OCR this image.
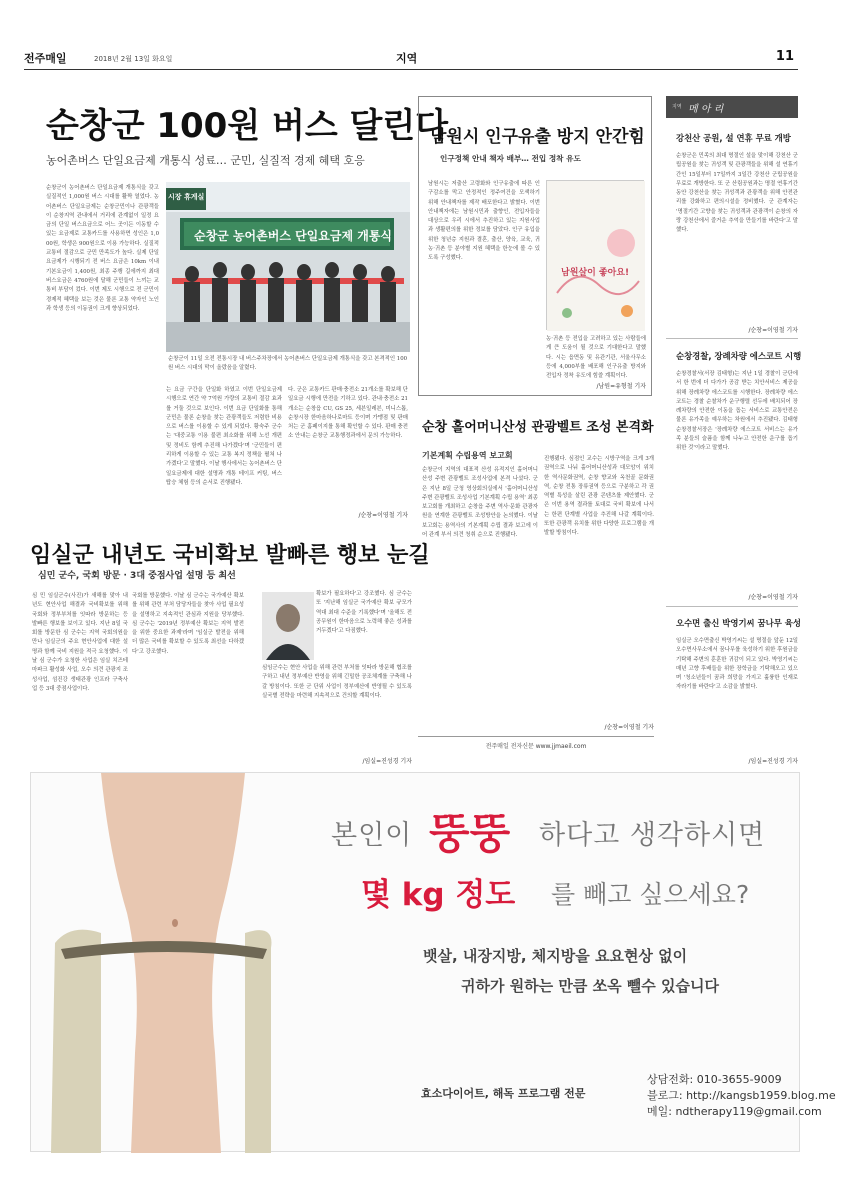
전주매일	2018년 2월 13일 화요일	지역	11
순창군 100원 버스 달린다
농어촌버스 단일요금제 개통식 성료… 군민, 실질적 경제 혜택 호응
시장 휴게실
순창군 농어촌버스 단일요금제 개통식
순창군이 11일 오전 전통시장 내 버스주차장에서 농어촌버스 단일요금제 개통식을 갖고 본격적인 100원 버스 시대의 막이 올랐음을 알렸다.
순창군이 농어촌버스 단일요금제 개통식을 갖고 실질적인 1,000원 버스 시대를 활짝 열었다. 농어촌버스 단일요금제는 순창군민이나 관광객들이 순창지역 관내에서 거리에 관계없이 일정 요금의 단일 버스요금으로 어느 곳이든 이동할 수 있는 요금제로 교통카드를 사용하면 성인은 1,000원, 학생은 900원으로 이용 가능하다. 실질적 교통비 절감으로 군민 만족도가 높다. 실제 단일요금제가 시행되기 전 버스 요금은 10km 이내 기본요금이 1,400원, 최종 주행 길에까지 최대 버스요금은 4760원에 달해 군민들이 느끼는 교통비 부담이 컸다. 이번 제도 시행으로 전 군민이 경제적 혜택을 보는 것은 물론 교통 약자인 노인과 학생 등의 이동권이 크게 향상되었다.
는 요금 구간을 단일화 하였고 이번 단일요금제 시행으로 연간 약 7억원 가량의 교통비 절감 효과를 거둘 것으로 보인다. 이번 요금 단일화를 통해 군민은 물론 순창을 찾는 관광객들도 저렴한 비용으로 버스를 이용할 수 있게 되었다. 황숙주 군수는 '대중교통 이용 불편 최소화를 위해 노선 개편 및 정비도 함께 추진해 나가겠다'며 '군민들이 편리하게 이용할 수 있는 교통 복지 정책을 펼쳐 나가겠다'고 말했다. 이날 행사에서는 농어촌버스 단일요금제에 대한 설명과 개통 테이프 커팅, 버스탑승 체험 등의 순서로 진행됐다.
다. 군은 교통카드 판매·충전소 21개소를 확보해 단일요금 시행에 만전을 기하고 있다. 관내·충전소 21개소는 순창읍 CU, GS 25, 세븐일레븐, 미니스톱, 순창시장 한마음하나로마트 등이며 가맹점 및 판매처는 군 홈페이지를 통해 확인할 수 있다. 판매 충전소 안내는 순창군 교통행정과에서 문의 가능하다.
/순창=이영철 기자
남원시 인구유출 방지 안간힘
인구정책 안내 책자 배부… 전입 정착 유도
남원시는 저출산 고령화와 인구유출에 따른 인구감소를 막고 안정적인 정주여건을 모색하기 위해 안내책자를 제작 배포한다고 밝혔다. 이번 안내책자에는 남원시민과 출향인, 전입자들을 대상으로 우리 시에서 추진하고 있는 지원사업과 생활편의를 위한 정보를 담았다. 인구 유입을 위한 청년층 지원과 결혼, 출산, 양육, 교육, 귀농·귀촌 등 분야별 지원 혜택을 한눈에 볼 수 있도록 구성했다.
남원살이 좋아요!
농·귀촌 등 전입을 고려하고 있는 사람들에게 큰 도움이 될 것으로 기대한다고 말했다. 시는 읍면동 및 유관기관, 서울사무소 등에 4,000부를 배포해 인구유출 방지와 전입자 정착 유도에 힘쓸 계획이다.
/남원=유형철 기자
순창 홀어머니산성 관광벨트 조성 본격화
기본계획 수립용역 보고회
순창군이 지역의 대표적 산성 유적지인 홀어머니산성 주변 관광벨트 조성사업에 본격 나섰다. 군은 지난 8일 군청 영상회의실에서 '홀어머니산성 주변 관광벨트 조성사업 기본계획 수립 용역' 최종 보고회를 개최하고 순창읍 주변 역사·문화 관광자원을 연계한 관광벨트 조성방안을 논의했다. 이날 보고회는 용역사의 기본계획 수립 결과 보고에 이어 관계 부서 의견 청취 순으로 진행됐다.
진행됐다. 심점인 교수는 시방구역을 크게 3개 권역으로 나눠 홀어머니산성과 대모암이 위치한 역사문화권역, 순창 향교와 옥천골 문화권역, 순창 전통 장류권역 등으로 구분하고 각 권역별 특성을 살린 관광 콘텐츠를 제안했다. 군은 이번 용역 결과를 토대로 국비 확보에 나서는 한편 단계별 사업을 추진해 나갈 계획이다. 또한 관광객 유치를 위한 다양한 프로그램을 개발할 방침이다.
/순창=이영철 기자
전주매일 전자신문 www.jjmaeil.com
임실군 내년도 국비확보 발빠른 행보 눈길
심민 군수, 국회 방문 · 3대 중점사업 설명 등 최선
심 민 임실군수(사진)가 새해를 맞아 내년도 현안사업 해결과 국비확보를 위해 국회와 정부부처를 잇따라 방문하는 등 발빠른 행보를 보이고 있다. 지난 8일 국회를 방문한 심 군수는 지역 국회의원을 만나 임실군의 주요 현안사업에 대한 설명과 함께 국비 지원을 적극 요청했다. 이날 심 군수가 요청한 사업은 임실 치즈테마파크 활성화 사업, 오수 의견 관광지 조성사업, 섬진강 생태관광 인프라 구축사업 등 3대 중점사업이다.
국회를 방문했다. 이날 심 군수는 국가예산 확보를 위해 관련 부처 담당자들을 찾아 사업 필요성을 설명하고 지속적인 관심과 지원을 당부했다. 심 군수는 '2019년 정부예산 확보는 지역 발전을 위한 중요한 과제'라며 '임실군 발전을 위해 더 많은 국비를 확보할 수 있도록 최선을 다하겠다'고 강조했다.
확보가 필요하다'고 강조했다. 심 군수는 또 '지난해 임실군 국가예산 확보 규모가 역대 최대 수준을 기록했다'며 '올해도 전 공무원이 한마음으로 노력해 좋은 성과를 거두겠다'고 다짐했다.
심임군수는 현안 사업을 위해 관련 부처를 잇따라 방문해 협조를 구하고 내년 정부예산 반영을 위해 긴밀한 공조체계를 구축해 나갈 방침이다. 또한 군 단위 사업이 정부예산에 반영될 수 있도록 실국별 전략을 마련해 지속적으로 건의할 계획이다.
/임실=진성경 기자
지역 메 아 리
강천산 공원, 설 연휴 무료 개방
순창군은 민족의 최대 명절인 설을 맞이해 강천산 군립공원을 찾는 귀성객 및 관광객들을 위해 설 연휴기간인 15일부터 17일까지 3일간 강천산 군립공원을 무료로 개방한다. 또 군 산림공원과는 명절 연휴기간 동안 강천산을 찾는 귀성객과 관광객을 위해 안전관리를 강화하고 편의시설을 정비했다. 군 관계자는 '명절기간 고향을 찾는 귀성객과 관광객이 순창의 자랑 강천산에서 즐거운 추억을 만들기를 바란다'고 말했다.
/순창=이영철 기자
순창경찰, 장례차량 에스코트 시행
순창경찰서(서장 김태형)는 지난 1일 경찰이 군단에서 한 번에 더 다가가 공감 받는 치안서비스 제공을 위해 장례차량 에스코트를 시행한다. 장례차량 에스코트는 경찰 순찰차가 운구행렬 선두에 배치되어 장례차량의 안전한 이동을 돕는 서비스로 교통안전은 물론 유가족을 예우하는 차원에서 추진됐다. 김태형 순창경찰서장은 '장례차량 에스코트 서비스는 유가족 분들의 슬픔을 함께 나누고 안전한 운구를 돕기 위한 것'이라고 말했다.
/순창=이영철 기자
오수면 출신 박영기씨 꿈나무 육성
임실군 오수면출신 박영기씨는 설 명절을 앞둔 12일 오수면사무소에서 꿈나무를 육성하기 위한 후원금을 기탁해 주변의 훈훈한 귀감이 되고 있다. 박영기씨는 매년 고향 후배들을 위한 장학금을 기탁해오고 있으며 '청소년들이 꿈과 희망을 가지고 훌륭한 인재로 자라기를 바란다'고 소감을 밝혔다.
/임실=진성경 기자
본인이 뚱뚱 하다고 생각하시면
몇 kg 정도 를 빼고 싶으세요?
뱃살, 내장지방, 체지방을 요요현상 없이
귀하가 원하는 만큼 쏘옥 뺄수 있습니다
효소다이어트, 해독 프로그램 전문
상담전화: 010-3655-9009
블로그: http://kangsb1959.blog.me
메일: ndtherapy119@gmail.com
